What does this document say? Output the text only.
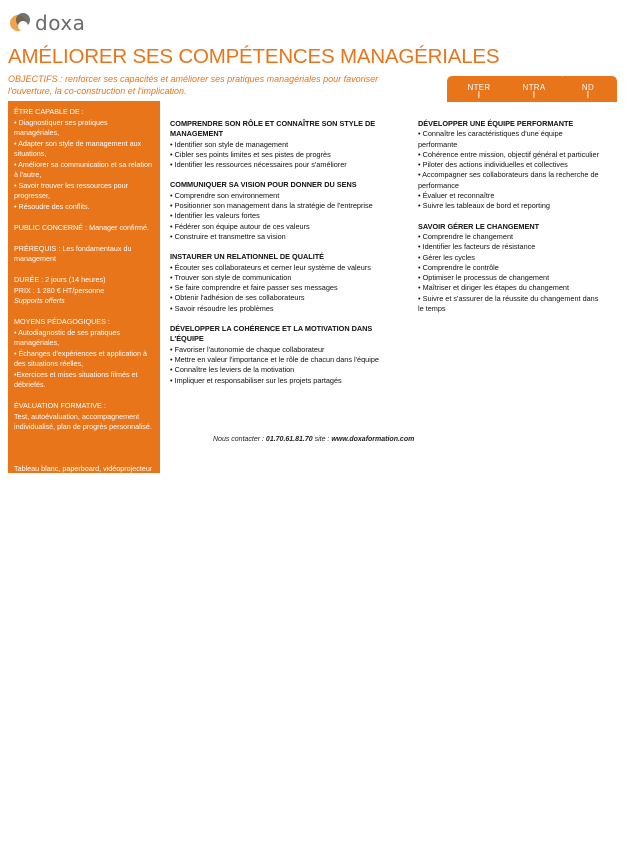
doxa
AMÉLIORER SES COMPÉTENCES MANAGÉRIALES
OBJECTIFS : renforcer ses capacités et améliorer ses pratiques managériales pour favoriser l'ouverture, la co-construction et l'implication.	I
NTER
I
NTRA
I
ND

ÊTRE CAPABLE DE :

• Diagnostiquer ses pratiques managériales,

• Adapter son style de management aux situations,

• Améliorer sa communication et sa relation à l'autre,

• Savoir trouver les ressources pour progresser,

• Résoudre des conflits.

PUBLIC CONCERNÉ : Manager confirmé.

PRÉREQUIS : Les fondamentaux du management

DURÉE : 2 jours (14 heures)

PRIX : 1 280 € HT/personne

Supports offerts

MOYENS PÉDAGOGIQUES :

• Autodiagnostic de ses pratiques managériales,

• Échanges d'expériences et application à des situations réelles,

•Exercices et mises situations filmés et débriefés.

ÉVALUATION FORMATIVE :

Test, autoévaluation, accompagnement individualisé, plan de progrès personnalisé.

Tableau blanc, paperboard, vidéoprojecteur dans chaque salle.

COMPRENDRE SON RÔLE ET CONNAÎTRE SON STYLE DE MANAGEMENT

• Identifier son style de management

• Cibler ses points limites et ses pistes de progrès

• Identifier les ressources nécessaires pour s'améliorer

COMMUNIQUER SA VISION POUR DONNER DU SENS

• Comprendre son environnement

• Positionner son management dans la stratégie de l'entreprise

• Identifier les valeurs fortes

• Fédérer son équipe autour de ces valeurs

• Construire et transmettre sa vision

INSTAURER UN RELATIONNEL DE QUALITÉ

• Écouter ses collaborateurs et cerner leur système de valeurs

• Trouver son style de communication

• Se faire comprendre et faire passer ses messages

• Obtenir l'adhésion de ses collaborateurs

• Savoir résoudre les problèmes

DÉVELOPPER LA COHÉRENCE ET LA MOTIVATION DANS L'ÉQUIPE

• Favoriser l'autonomie de chaque collaborateur

• Mettre en valeur l'importance et le rôle de chacun dans l'équipe

• Connaître les leviers de la motivation

• Impliquer et responsabiliser sur les projets partagés

DÉVELOPPER UNE ÉQUIPE PERFORMANTE

• Connaître les caractéristiques d'une équipe performante

• Cohérence entre mission, objectif général et particulier

• Piloter des actions individuelles et collectives

• Accompagner ses collaborateurs dans la recherche de performance

• Évaluer et reconnaître

• Suivre les tableaux de bord et reporting

SAVOIR GÉRER LE CHANGEMENT

• Comprendre le changement

• Identifier les facteurs de résistance

• Gérer les cycles

• Comprendre le contrôle

• Optimiser le processus de changement

• Maîtriser et diriger les étapes du changement

• Suivre et s'assurer de la réussite du changement dans le temps

Nous contacter : 01.70.61.81.70 site : www.doxaformation.com
